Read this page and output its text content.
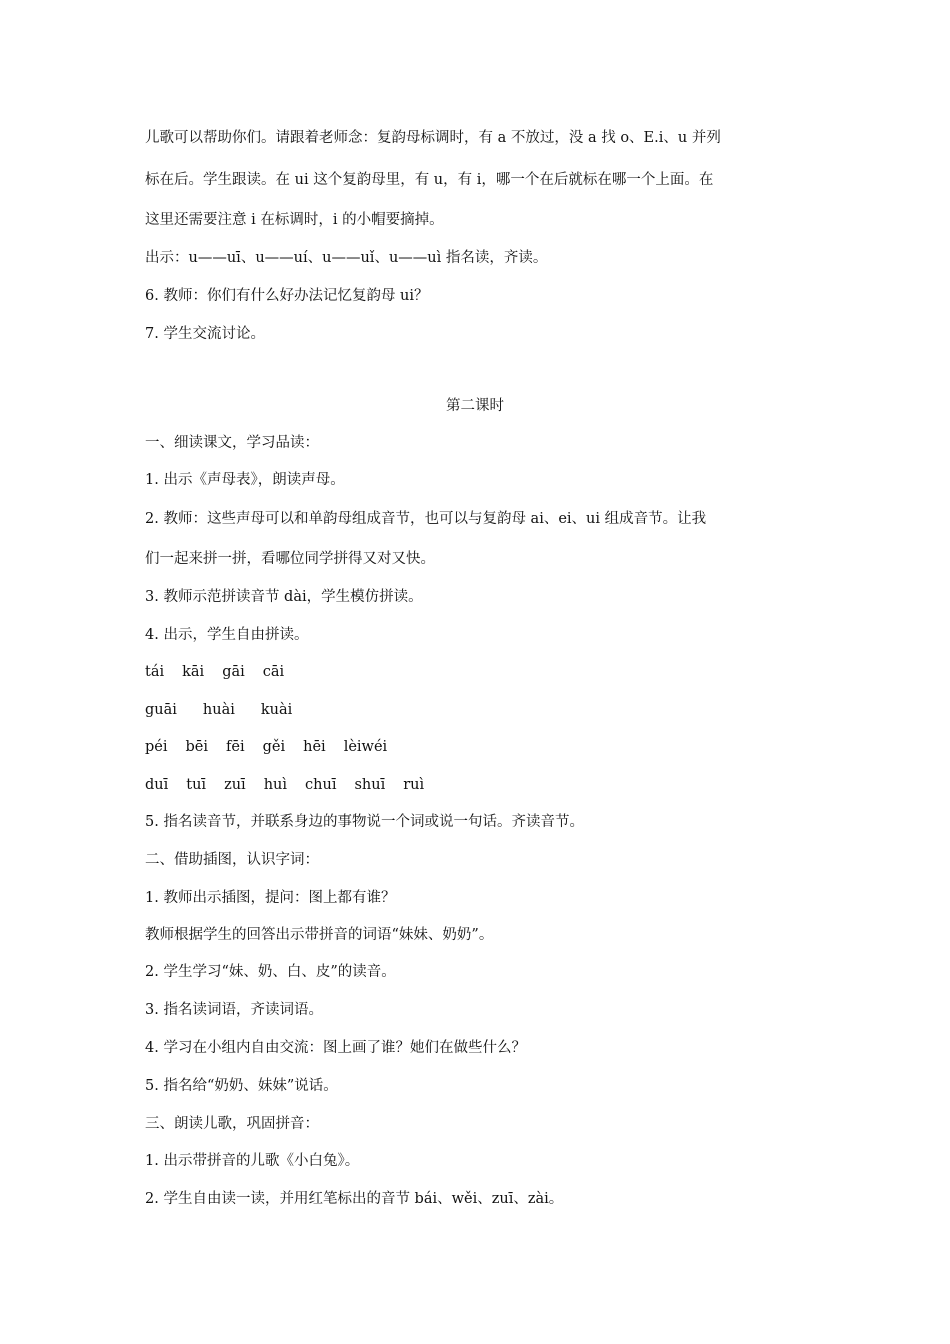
儿歌可以帮助你们。请跟着老师念：复韵母标调时，有 a 不放过，没 a 找 o、E.i、u 并列
标在后。学生跟读。在 ui 这个复韵母里，有 u，有 i，哪一个在后就标在哪一个上面。在
这里还需要注意 i 在标调时，i 的小帽要摘掉。
出示：u——uī、u——uí、u——uǐ、u——uì 指名读，齐读。
6. 教师：你们有什么好办法记忆复韵母 ui？
7. 学生交流讨论。
第二课时
一、细读课文，学习品读：
1. 出示《声母表》，朗读声母。
2. 教师：这些声母可以和单韵母组成音节，也可以与复韵母 ai、ei、ui 组成音节。让我
们一起来拼一拼，看哪位同学拼得又对又快。
3. 教师示范拼读音节 dài，学生模仿拼读。
4. 出示，学生自由拼读。
tái kāi gāi cāi
guāi huài kuài
péi bēi fēi gěi hēi lèiwéi
duī tuī zuī huì chuī shuī ruì
5. 指名读音节，并联系身边的事物说一个词或说一句话。齐读音节。
二、借助插图，认识字词：
1. 教师出示插图，提问：图上都有谁？
教师根据学生的回答出示带拼音的词语“妹妹、奶奶”。
2. 学生学习“妹、奶、白、皮”的读音。
3. 指名读词语，齐读词语。
4. 学习在小组内自由交流：图上画了谁？她们在做些什么？
5. 指名给“奶奶、妹妹”说话。
三、朗读儿歌，巩固拼音：
1. 出示带拼音的儿歌《小白兔》。
2. 学生自由读一读，并用红笔标出的音节 bái、wěi、zuī、zài。
